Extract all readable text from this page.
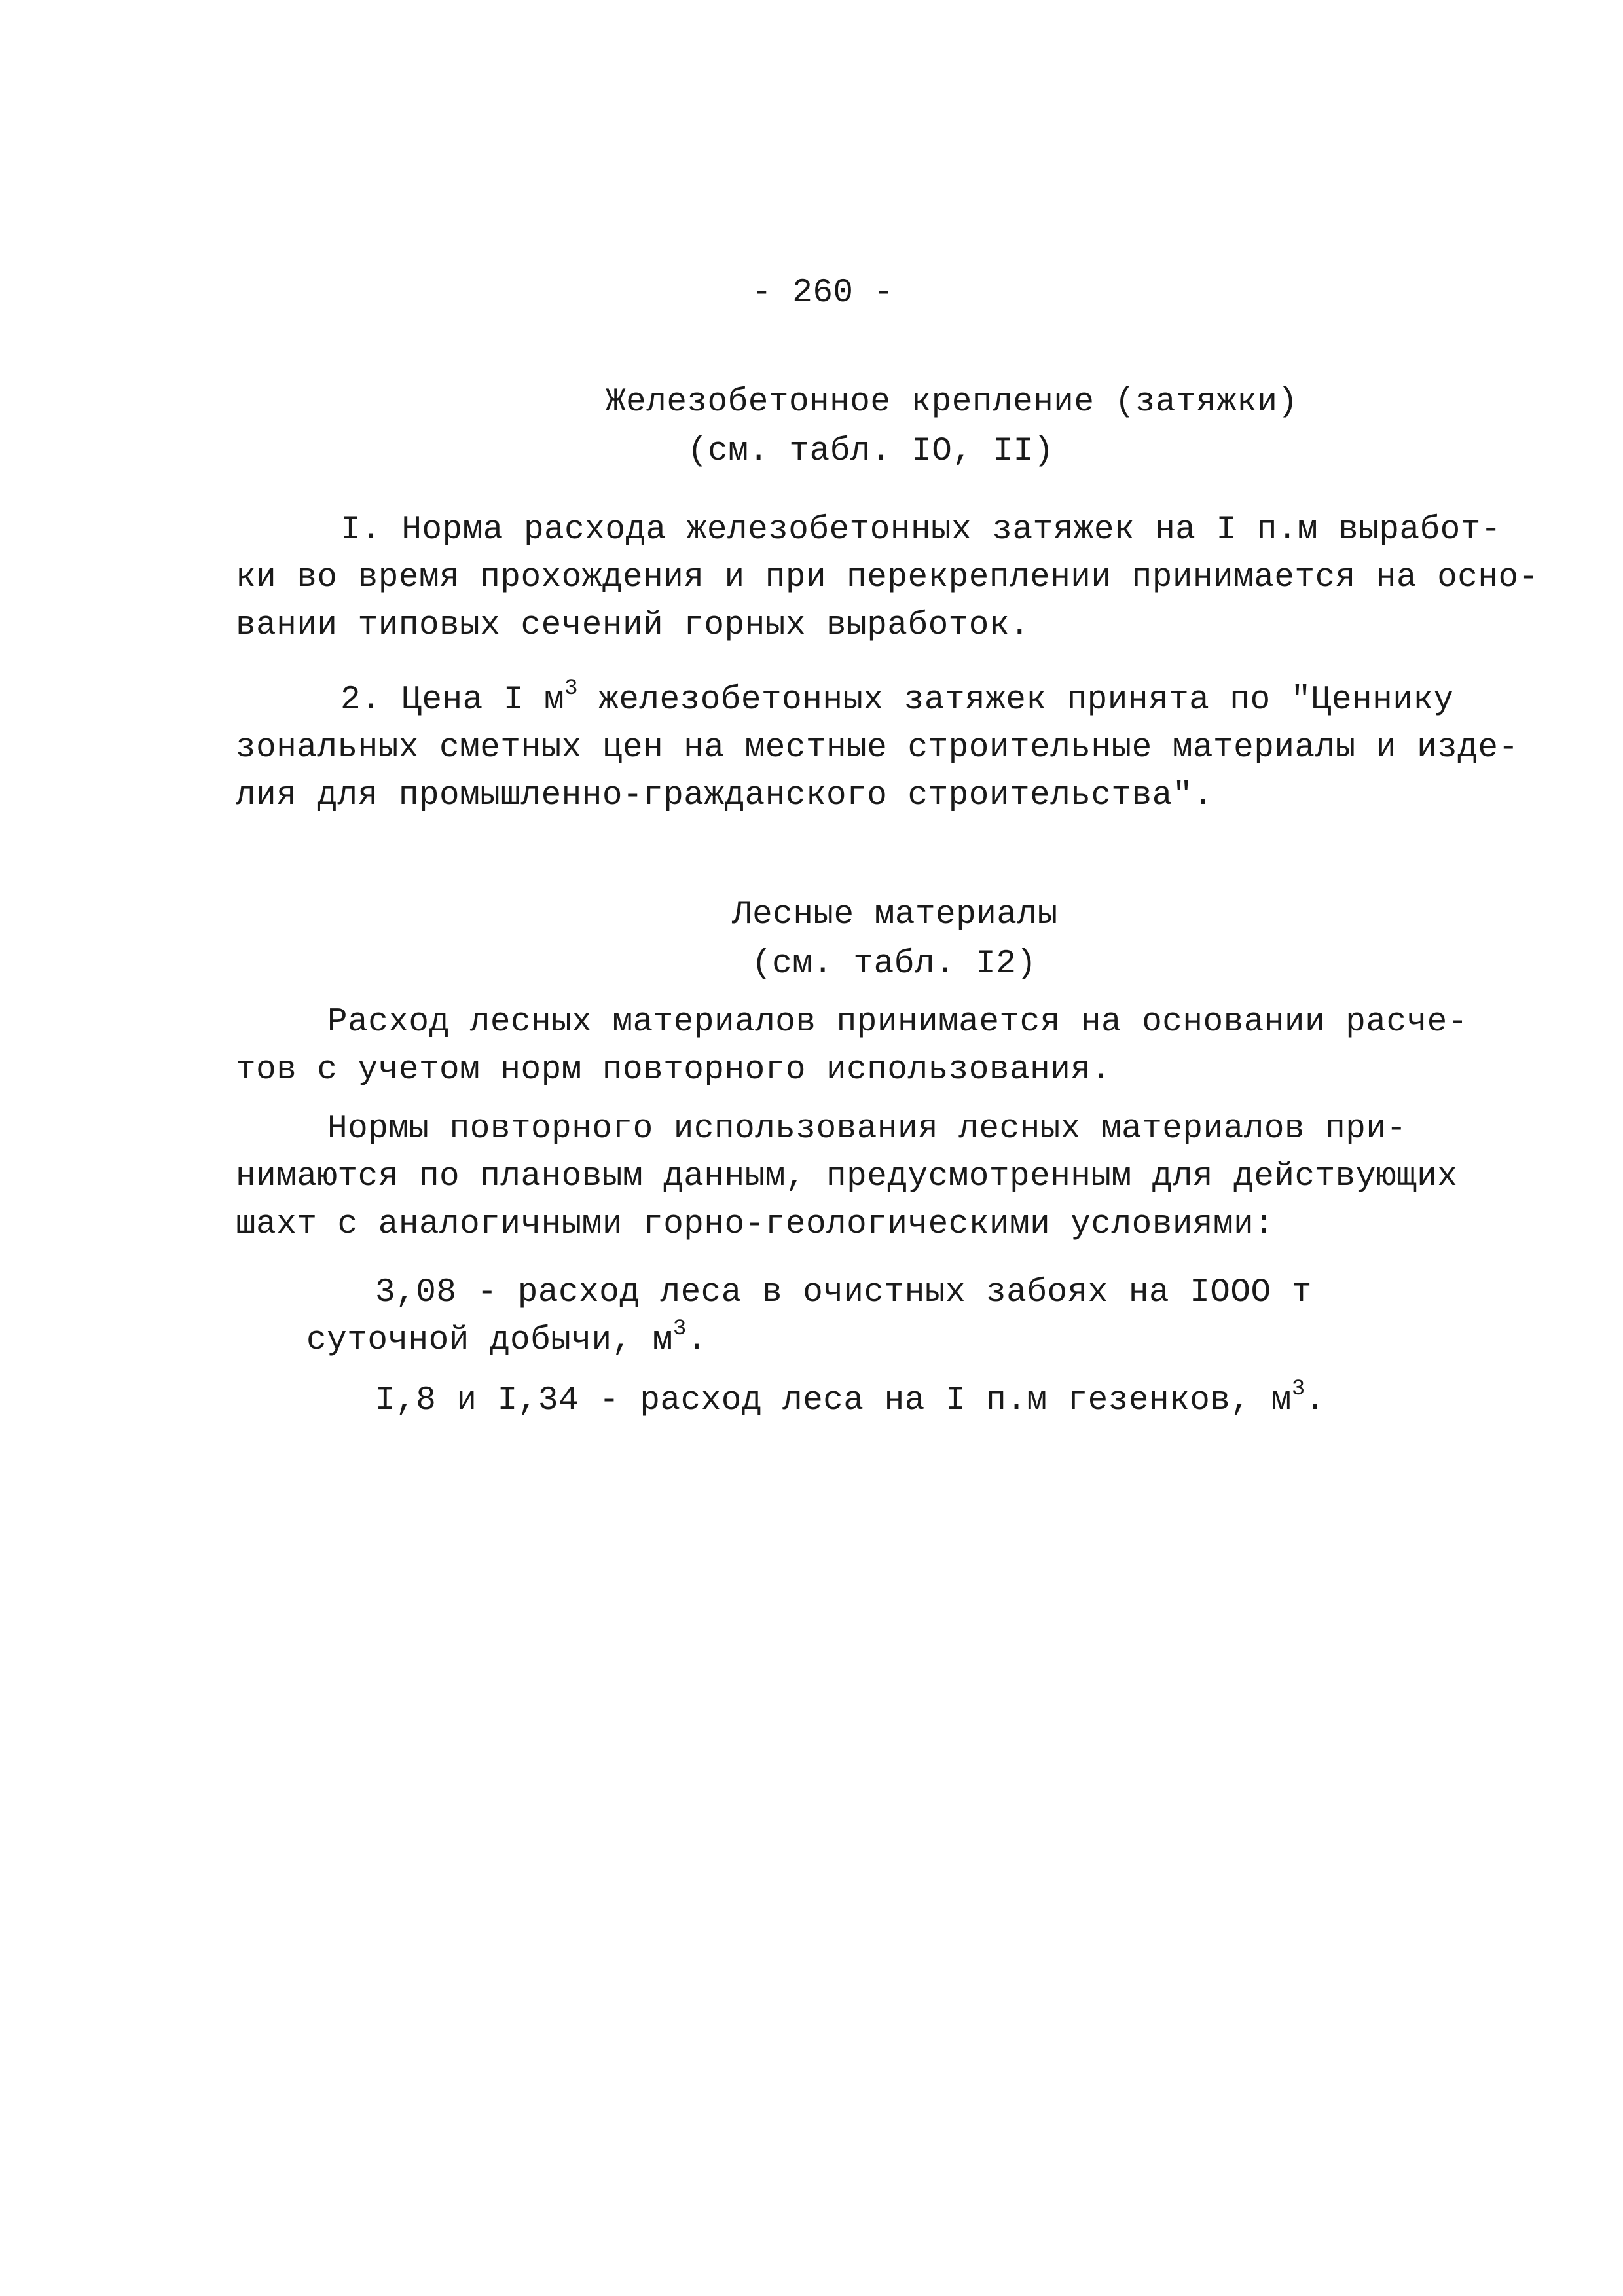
- 260 -
Железобетонное крепление (затяжки)
(см. табл. IO, II)
I. Норма расхода железобетонных затяжек на I п.м выработ-
ки во время прохождения и при перекреплении принимается на осно-
вании типовых сечений горных выработок.
2. Цена I $м^3$ железобетонных затяжек принята по "Ценнику
зональных сметных цен на местные строительные материалы и изде-
лия для промышленно-гражданского строительства".
Лесные материалы
(см. табл. I2)
Расход лесных материалов принимается на основании расче-
тов с учетом норм повторного использования.
Нормы повторного использования лесных материалов при-
нимаются по плановым данным, предусмотренным для действующих
шахт с аналогичными горно-геологическими условиями:
3,08 - расход леса в очистных забоях на IOOO т
суточной добычи, $м^3$.
I,8 и I,34 - расход леса на I п.м гезенков, $м^3$.
